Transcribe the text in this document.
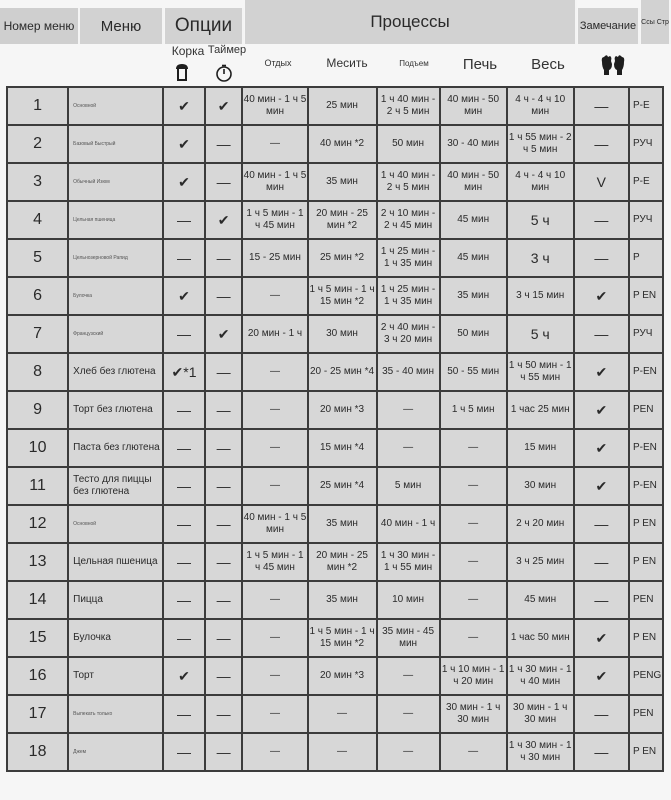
Номер меню	Меню	Опции	Процессы	Замечание Ссы Стр
Корка Таймер
Отдых	Месить	Подъем	Печь	Весь
1	Основной	✔	✔	40 мин - 1 ч 5 мин	25 мин	1 ч 40 мин - 2 ч 5 мин	40 мин - 50 мин	4 ч - 4 ч 10 мин	—	P-E
2	Базовый Быстрый	✔	—	—	40 мин *2	50 мин	30 - 40 мин	1 ч 55 мин - 2 ч 5 мин	—	РУЧ
3	Обычный Изюм	✔	—	40 мин - 1 ч 5 мин	35 мин	1 ч 40 мин - 2 ч 5 мин	40 мин - 50 мин	4 ч - 4 ч 10 мин	V	P-E
4	Цельная пшеница	—	✔	1 ч 5 мин - 1 ч 45 мин	20 мин - 25 мин *2	2 ч 10 мин - 2 ч 45 мин	45 мин	5 ч	—	РУЧ
5	Цельнозерновой Рапид	—	—	15 - 25 мин	25 мин *2	1 ч 25 мин - 1 ч 35 мин	45 мин	3 ч	—	P
6	Булочка	✔	—	—	1 ч 5 мин - 1 ч 15 мин *2	1 ч 25 мин - 1 ч 35 мин	35 мин	3 ч 15 мин	✔	P EN
7	Французский	—	✔	20 мин - 1 ч	30 мин	2 ч 40 мин - 3 ч 20 мин	50 мин	5 ч	—	РУЧ
8	Хлеб без глютена	✔*1	—	—	20 - 25 мин *4	35 - 40 мин	50 - 55 мин	1 ч 50 мин - 1 ч 55 мин	✔	P-EN
9	Торт без глютена	—	—	—	20 мин *3	—	1 ч 5 мин	1 час 25 мин	✔	PEN
10	Паста без глютена	—	—	—	15 мин *4	—	—	15 мин	✔	P-EN
11	Тесто для пиццы без глютена	—	—	—	25 мин *4	5 мин	—	30 мин	✔	P-EN
12	Основной	—	—	40 мин - 1 ч 5 мин	35 мин	40 мин - 1 ч	—	2 ч 20 мин	—	P EN
13	Цельная пшеница	—	—	1 ч 5 мин - 1 ч 45 мин	20 мин - 25 мин *2	1 ч 30 мин - 1 ч 55 мин	—	3 ч 25 мин	—	P EN
14	Пицца	—	—	—	35 мин	10 мин	—	45 мин	—	PEN
15	Булочка	—	—	—	1 ч 5 мин - 1 ч 15 мин *2	35 мин - 45 мин	—	1 час 50 мин	✔	P EN
16	Торт	✔	—	—	20 мин *3	—	1 ч 10 мин - 1 ч 20 мин	1 ч 30 мин - 1 ч 40 мин	✔	PENG
17	Выпекать только	—	—	—	—	—	30 мин - 1 ч 30 мин	30 мин - 1 ч 30 мин	—	PEN
18	Джем	—	—	—	—	—	—	1 ч 30 мин - 1 ч 30 мин	—	P EN
